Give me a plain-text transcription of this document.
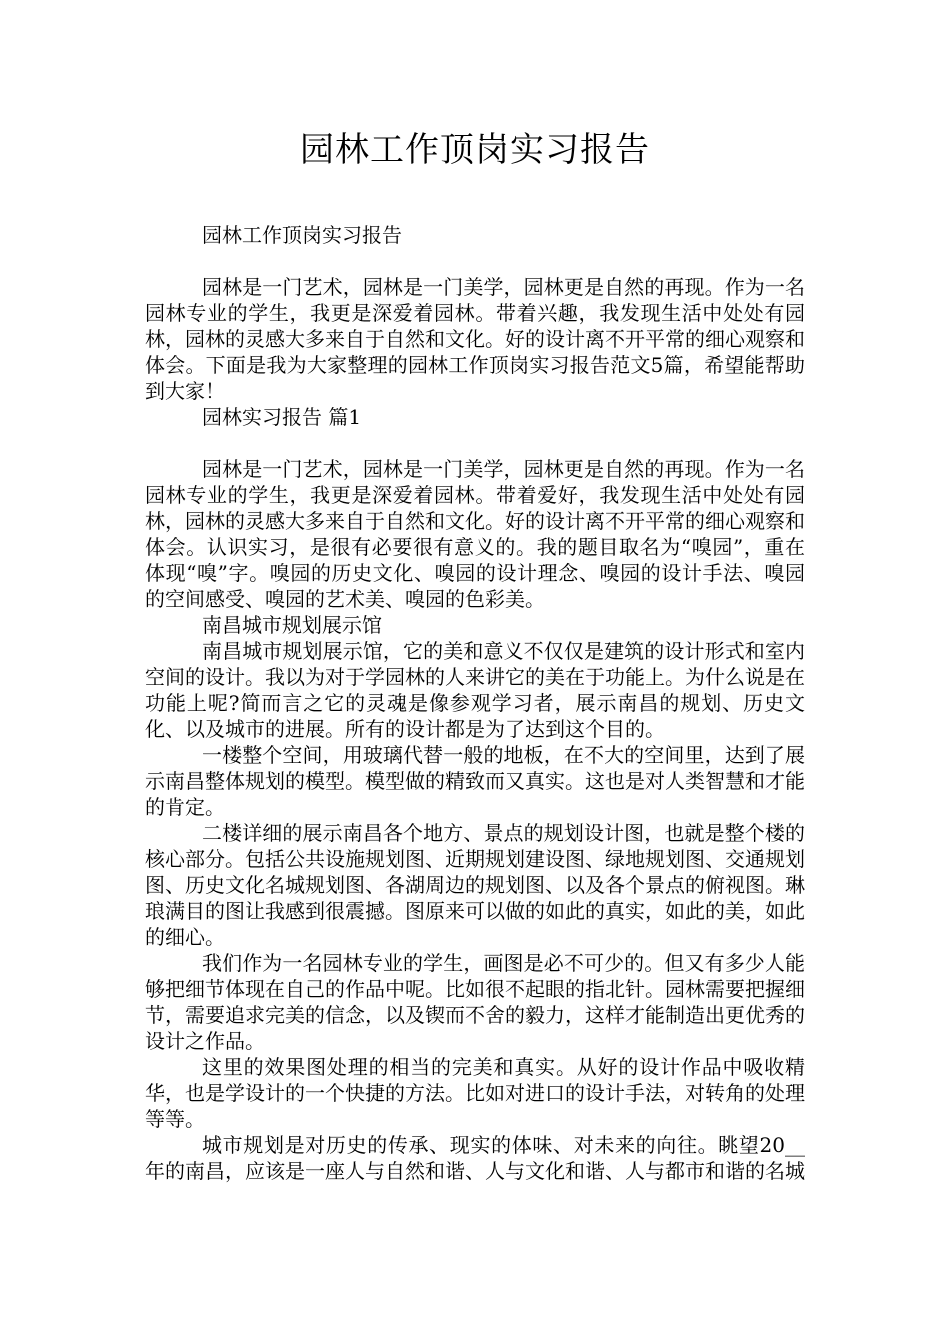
园林工作顶岗实习报告

园林工作顶岗实习报告

园林是一门艺术，园林是一门美学，园林更是自然的再现。作为一名园林专业的学生，我更是深爱着园林。带着兴趣，我发现生活中处处有园林，园林的灵感大多来自于自然和文化。好的设计离不开平常的细心观察和体会。下面是我为大家整理的园林工作顶岗实习报告范文5篇，希望能帮助到大家！

园林实习报告 篇1

园林是一门艺术，园林是一门美学，园林更是自然的再现。作为一名园林专业的学生，我更是深爱着园林。带着爱好，我发现生活中处处有园林，园林的灵感大多来自于自然和文化。好的设计离不开平常的细心观察和体会。认识实习，是很有必要很有意义的。我的题目取名为“嗅园”，重在体现“嗅”字。嗅园的历史文化、嗅园的设计理念、嗅园的设计手法、嗅园的空间感受、嗅园的艺术美、嗅园的色彩美。

南昌城市规划展示馆

南昌城市规划展示馆，它的美和意义不仅仅是建筑的设计形式和室内空间的设计。我以为对于学园林的人来讲它的美在于功能上。为什么说是在功能上呢?简而言之它的灵魂是像参观学习者，展示南昌的规划、历史文化、以及城市的进展。所有的设计都是为了达到这个目的。

一楼整个空间，用玻璃代替一般的地板，在不大的空间里，达到了展示南昌整体规划的模型。模型做的精致而又真实。这也是对人类智慧和才能的肯定。

二楼详细的展示南昌各个地方、景点的规划设计图，也就是整个楼的核心部分。包括公共设施规划图、近期规划建设图、绿地规划图、交通规划图、历史文化名城规划图、各湖周边的规划图、以及各个景点的俯视图。琳琅满目的图让我感到很震撼。图原来可以做的如此的真实，如此的美，如此的细心。

我们作为一名园林专业的学生，画图是必不可少的。但又有多少人能够把细节体现在自己的作品中呢。比如很不起眼的指北针。园林需要把握细节，需要追求完美的信念，以及锲而不舍的毅力，这样才能制造出更优秀的设计之作品。

这里的效果图处理的相当的完美和真实。从好的设计作品中吸收精华，也是学设计的一个快捷的方法。比如对进口的设计手法，对转角的处理等等。

城市规划是对历史的传承、现实的体味、对未来的向往。眺望20__年的南昌，应该是一座人与自然和谐、人与文化和谐、人与都市和谐的名城
